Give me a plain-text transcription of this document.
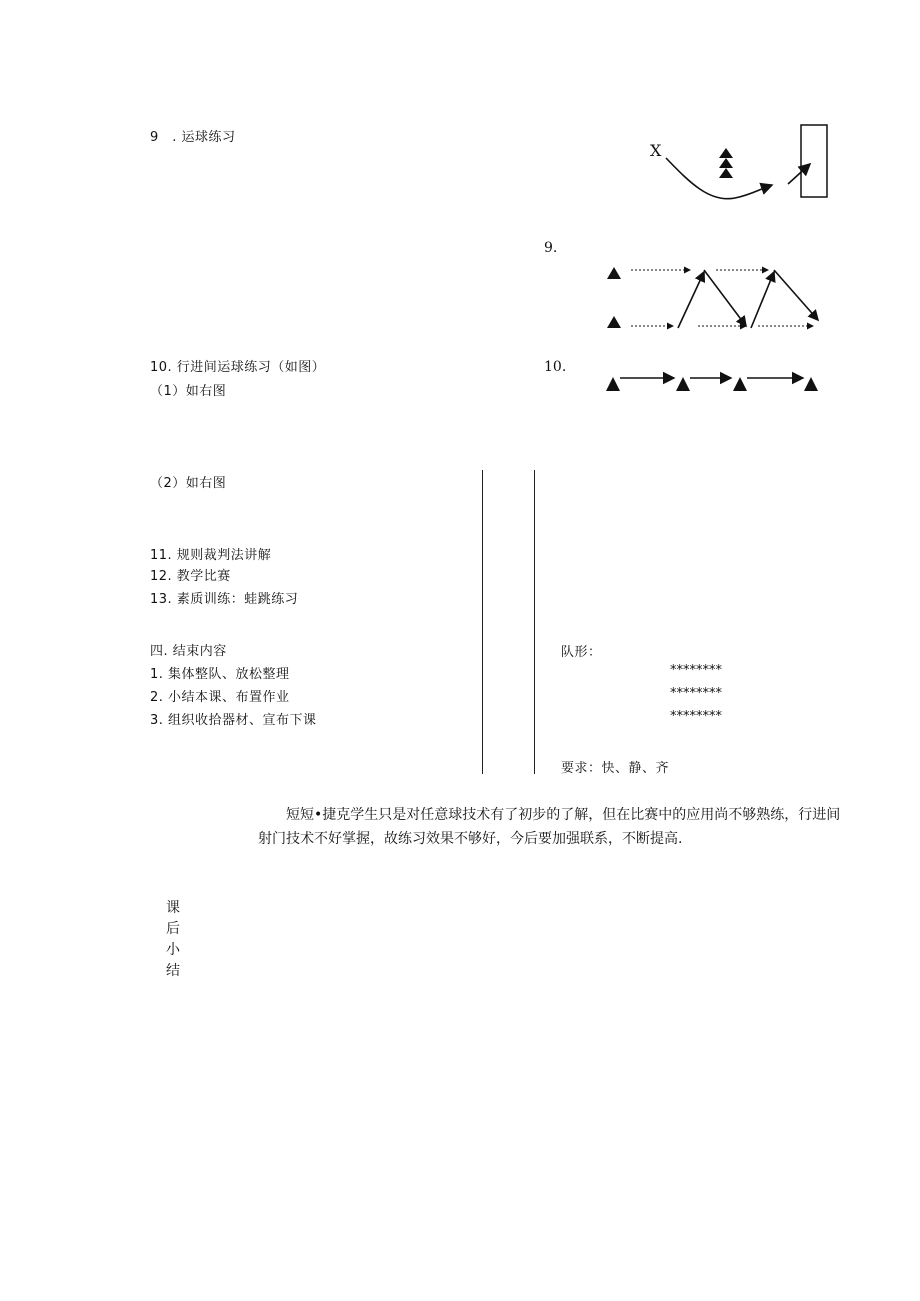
9　. 运球练习
10. 行进间运球练习（如图）
（1）如右图
（2）如右图
11. 规则裁判法讲解
12. 教学比赛
13. 素质训练：蛙跳练习
四. 结束内容
1. 集体整队、放松整理
2. 小结本课、布置作业
3. 组织收拾器材、宣布下课
队形：
********
********
********
要求：快、静、齐
X
9.
10.
短短•捷克学生只是对任意球技术有了初步的了解，但在比赛中的应用尚不够熟练，行进间射门技术不好掌握，故练习效果不够好，今后要加强联系，不断提高.
课
后
小
结
